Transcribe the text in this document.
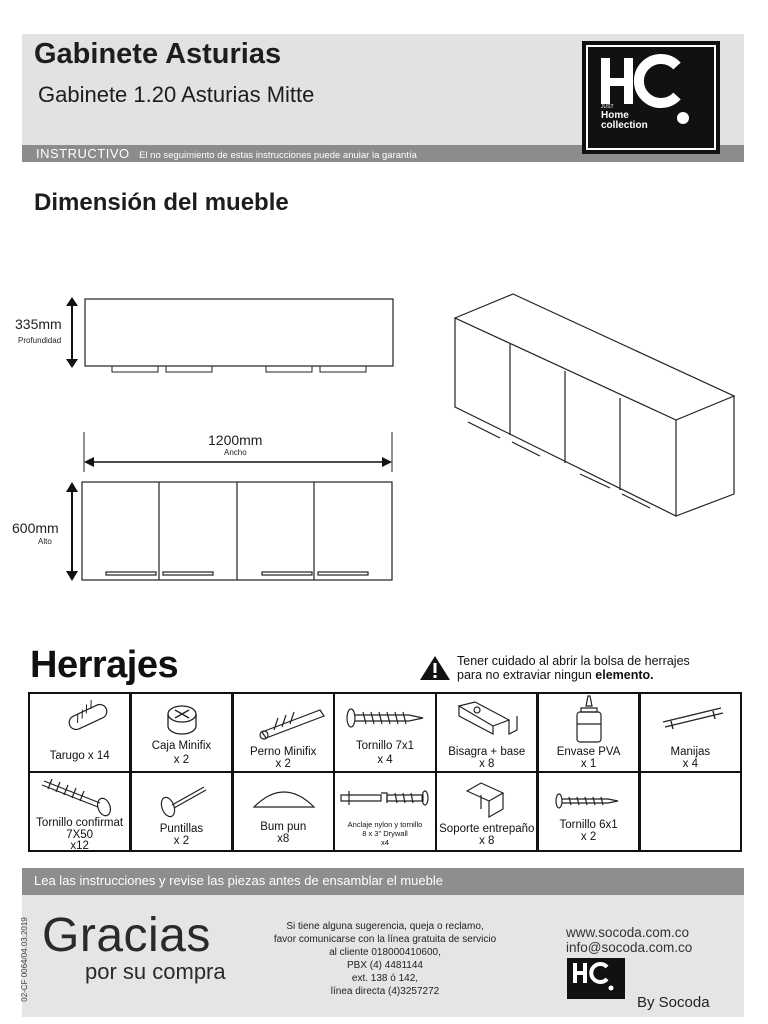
Gabinete Asturias
Gabinete 1.20 Asturias Mitte
INSTRUCTIVO El no seguimiento de estas instrucciones puede anular la garantía
JUST
Home
collection
Dimensión del mueble
335mm
Profundidad
1200mm
Ancho
600mm
Alto
Herrajes	Tener cuidado al abrir la bolsa de herrajes
para no extraviar ningun elemento.
Tarugo x 14
Caja Minifix
x 2
Perno Minifix
x 2
Tornillo 7x1
x 4
Bisagra + base
x 8
Envase PVA
x 1
Manijas
x 4
Tornillo confirmat
7X50
x12
Puntillas
x 2
Bum pun
x8
Anclaje nylon y tornillo
8 x 3" Drywall
x4
Soporte entrepaño
x 8
Tornillo 6x1
x 2
Lea las instrucciones y revise las piezas antes de ensamblar el mueble
Gracias
por su compra
Si tiene alguna sugerencia, queja o reclamo,
favor comunicarse con la línea gratuita de servicio
al cliente 018000410600,
PBX (4) 4481144
ext. 138 ó 142,
línea directa (4)3257272
www.socoda.com.co
info@socoda.com.co
By Socoda
02-CF 0064/04.03.2019
